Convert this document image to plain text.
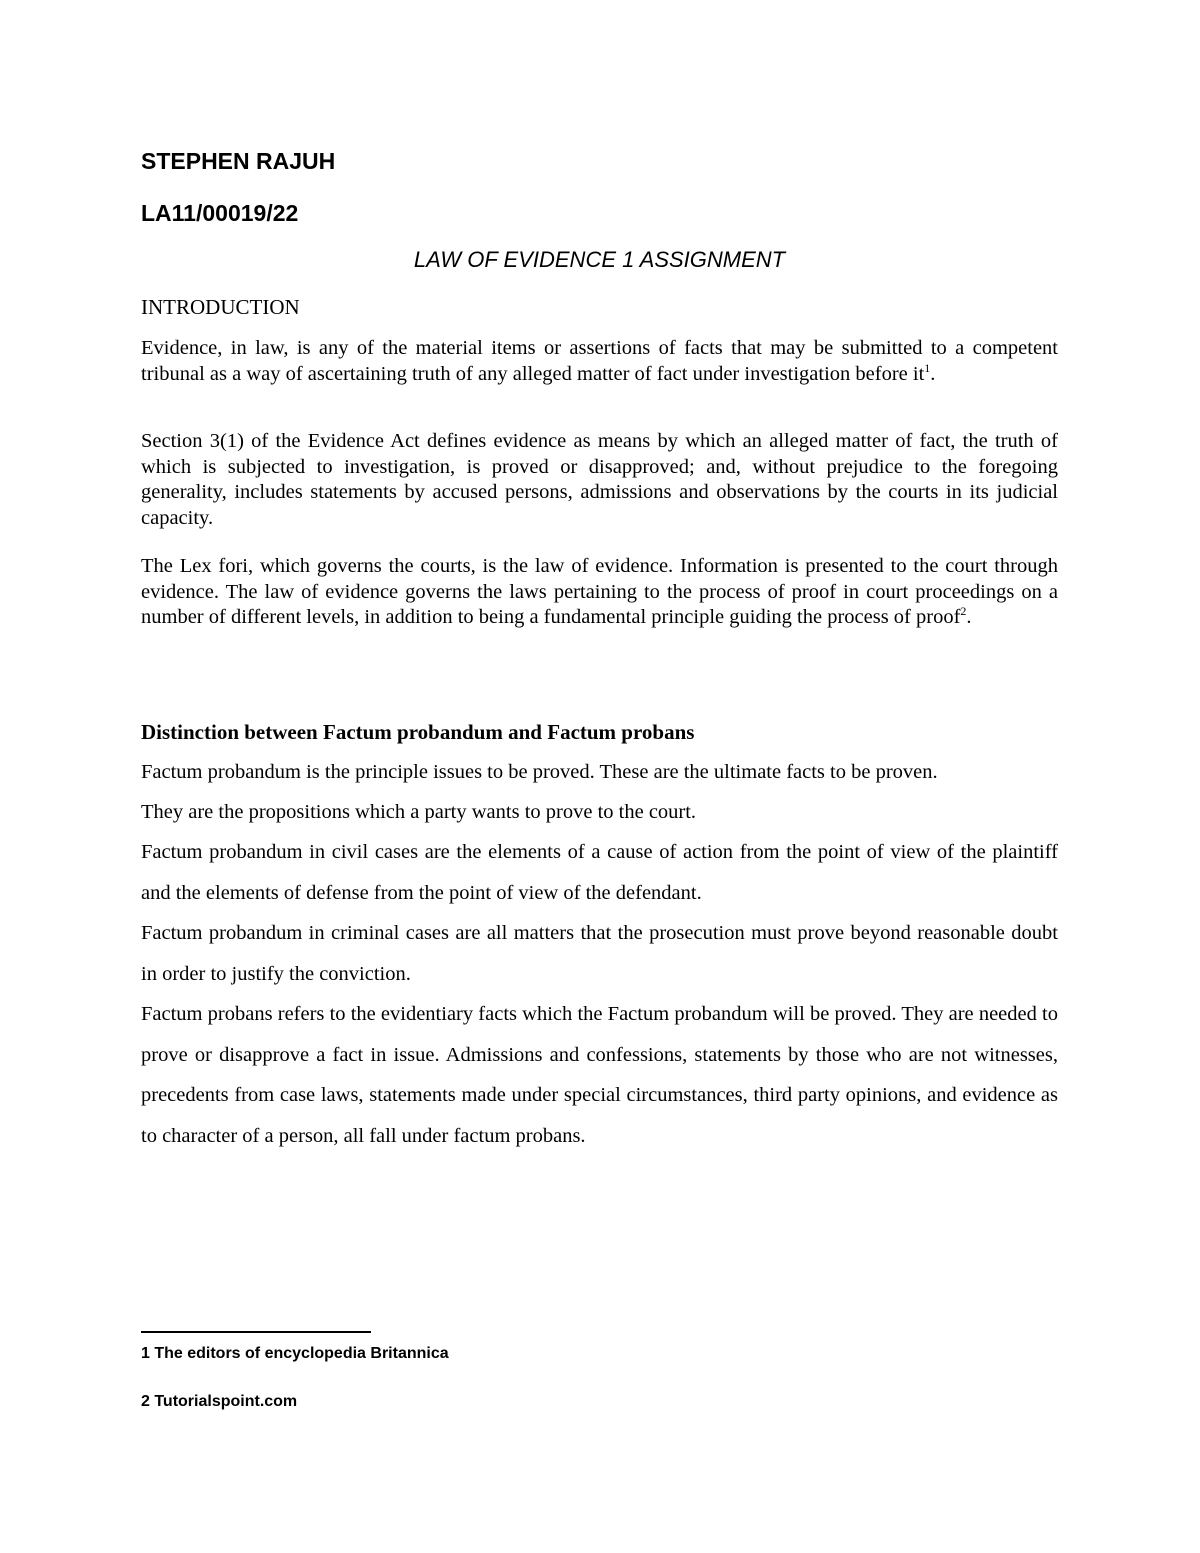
STEPHEN RAJUH

LA11/00019/22

LAW OF EVIDENCE 1 ASSIGNMENT

INTRODUCTION

Evidence, in law, is any of the material items or assertions of facts that may be submitted to a competent tribunal as a way of ascertaining truth of any alleged matter of fact under investigation before $it^1$.

Section 3(1) of the Evidence Act defines evidence as means by which an alleged matter of fact, the truth of which is subjected to investigation, is proved or disapproved; and, without prejudice to the foregoing generality, includes statements by accused persons, admissions and observations by the courts in its judicial capacity.

The Lex fori, which governs the courts, is the law of evidence. Information is presented to the court through evidence. The law of evidence governs the laws pertaining to the process of proof in court proceedings on a number of different levels, in addition to being a fundamental principle guiding the process of proof$^2$.

Distinction between Factum probandum and Factum probans

Factum probandum is the principle issues to be proved. These are the ultimate facts to be proven.

They are the propositions which a party wants to prove to the court.

Factum probandum in civil cases are the elements of a cause of action from the point of view of the plaintiff and the elements of defense from the point of view of the defendant.

Factum probandum in criminal cases are all matters that the prosecution must prove beyond reasonable doubt in order to justify the conviction.

Factum probans refers to the evidentiary facts which the Factum probandum will be proved. They are needed to prove or disapprove a fact in issue. Admissions and confessions, statements by those who are not witnesses, precedents from case laws, statements made under special circumstances, third party opinions, and evidence as to character of a person, all fall under factum probans.

1 The editors of encyclopedia Britannica

2 Tutorialspoint.com
